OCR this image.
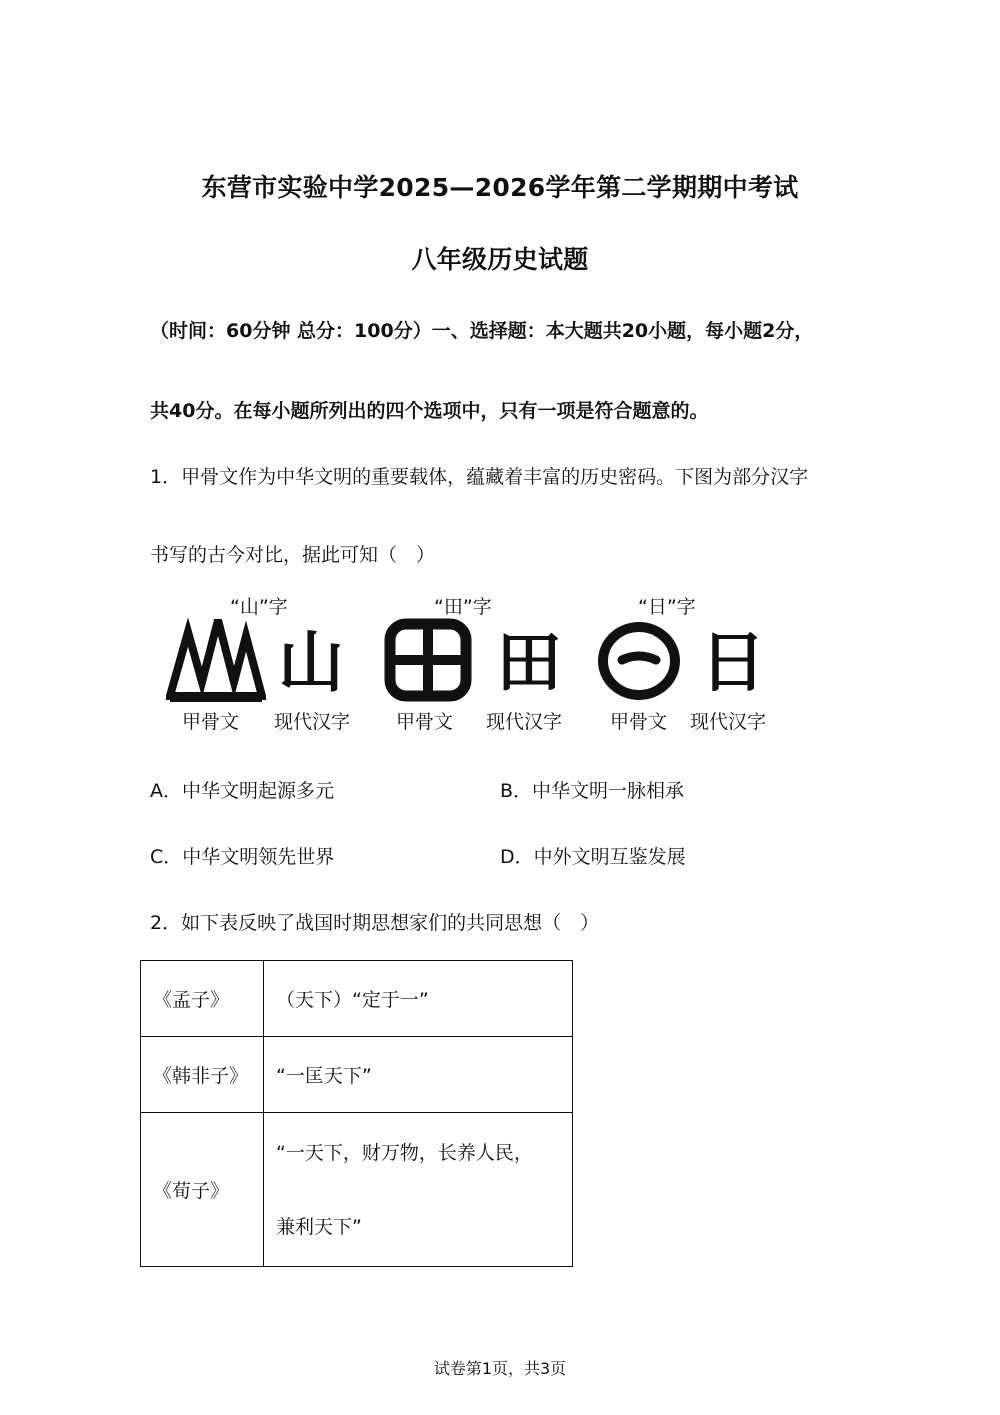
东营市实验中学2025—2026学年第二学期期中考试
八年级历史试题
（时间：60分钟 总分：100分）一、选择题：本大题共20小题，每小题2分，
共40分。在每小题所列出的四个选项中，只有一项是符合题意的。
1．甲骨文作为中华文明的重要载体，蕴藏着丰富的历史密码。下图为部分汉字
书写的古今对比，据此可知（　）
“山”字
山
甲骨文 现代汉字
“田”字
田
甲骨文 现代汉字
“日”字
日
甲骨文 现代汉字
A．中华文明起源多元	B．中华文明一脉相承
C．中华文明领先世界	D．中外文明互鉴发展
2．如下表反映了战国时期思想家们的共同思想（　）
《孟子》	（天下）“定于一”
《韩非子》	“一匡天下”
《荀子》	“一天下，财万物，长养人民，
兼利天下”
试卷第1页，共3页
